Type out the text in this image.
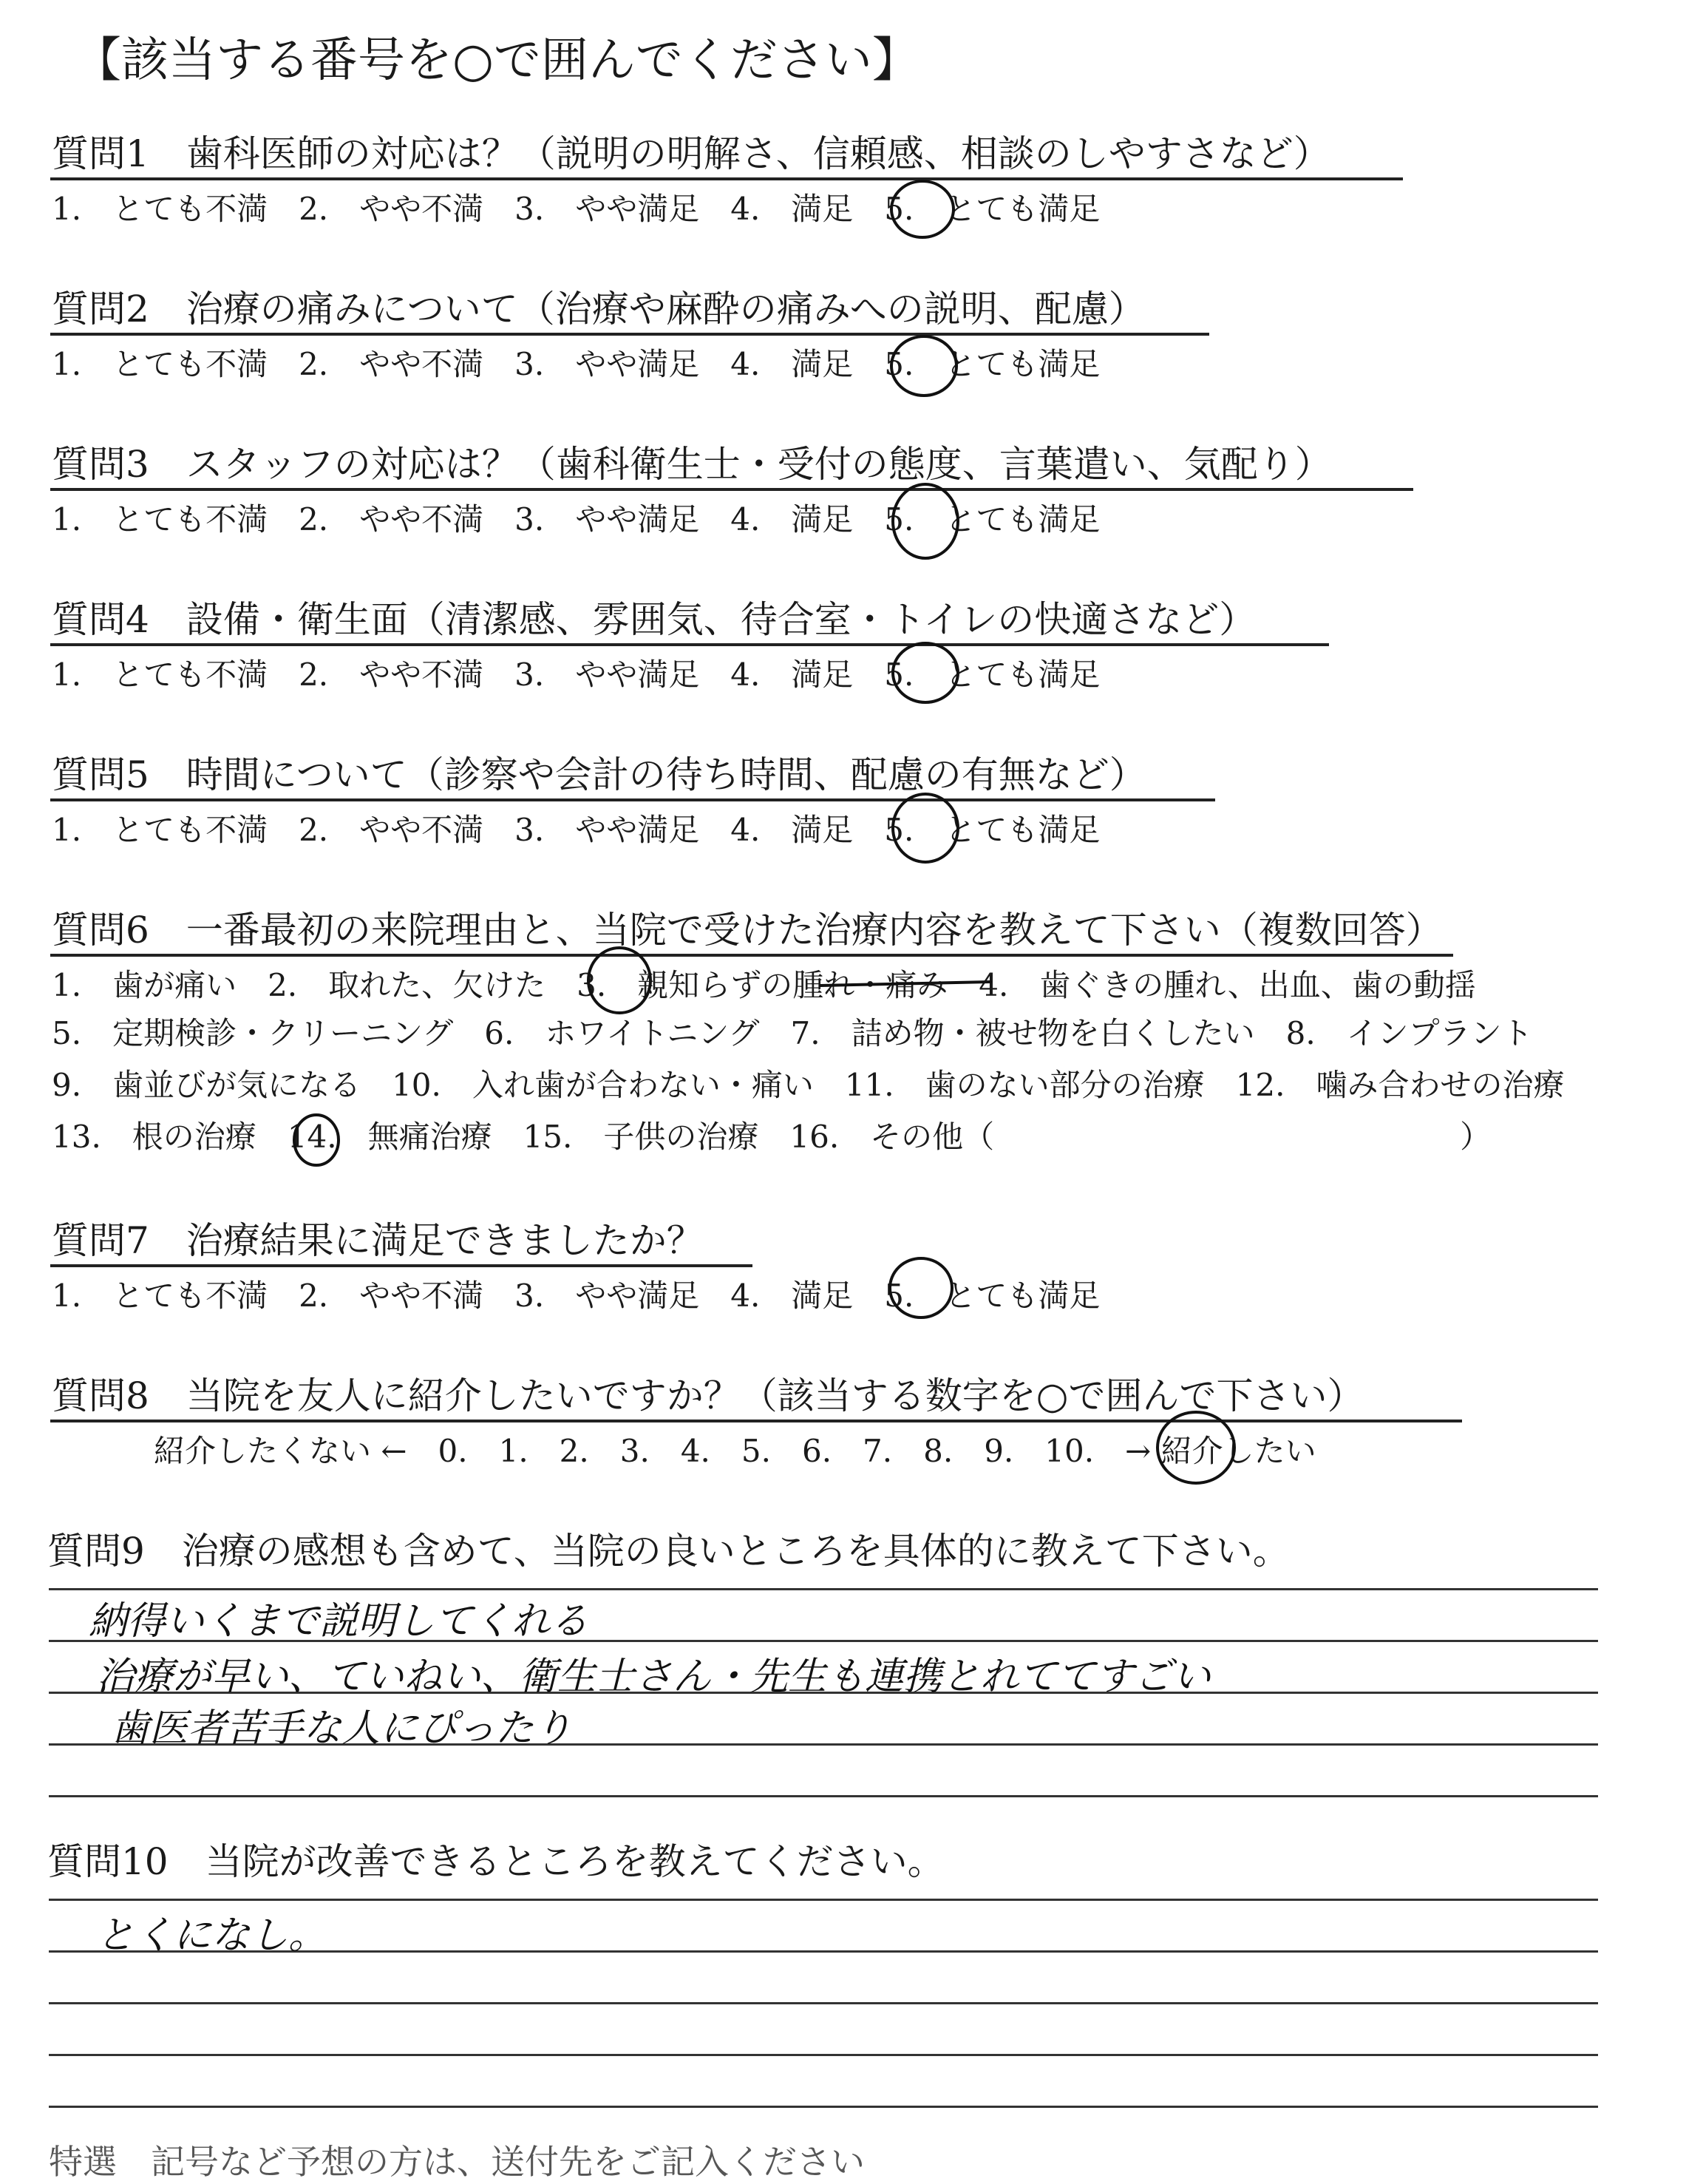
【該当する番号を○で囲んでください】
質問1　歯科医師の対応は？（説明の明解さ、信頼感、相談のしやすさなど）
1.　とても不満　2.　やや不満　3.　やや満足　4.　満足　5.　とても満足
質問2　治療の痛みについて（治療や麻酔の痛みへの説明、配慮）
1.　とても不満　2.　やや不満　3.　やや満足　4.　満足　5.　とても満足
質問3　スタッフの対応は？（歯科衛生士・受付の態度、言葉遣い、気配り）
1.　とても不満　2.　やや不満　3.　やや満足　4.　満足　5.　とても満足
質問4　設備・衛生面（清潔感、雰囲気、待合室・トイレの快適さなど）
1.　とても不満　2.　やや不満　3.　やや満足　4.　満足　5.　とても満足
質問5　時間について（診察や会計の待ち時間、配慮の有無など）
1.　とても不満　2.　やや不満　3.　やや満足　4.　満足　5.　とても満足
質問6　一番最初の来院理由と、当院で受けた治療内容を教えて下さい（複数回答）
1.　歯が痛い　2.　取れた、欠けた　3.　親知らずの腫れ・痛み　4.　歯ぐきの腫れ、出血、歯の動揺
5.　定期検診・クリーニング　6.　ホワイトニング　7.　詰め物・被せ物を白くしたい　8.　インプラント
9.　歯並びが気になる　10.　入れ歯が合わない・痛い　11.　歯のない部分の治療　12.　噛み合わせの治療
13.　根の治療　14.　無痛治療　15.　子供の治療　16.　その他（　　　　　　　　　　　　　　　）
質問7　治療結果に満足できましたか？
1.　とても不満　2.　やや不満　3.　やや満足　4.　満足　5.　とても満足
質問8　当院を友人に紹介したいですか？（該当する数字を○で囲んで下さい）
紹介したくない ←　0.　1.　2.　3.　4.　5.　6.　7.　8.　9.　10.　→ 紹介したい
質問9　治療の感想も含めて、当院の良いところを具体的に教えて下さい。
納得いくまで説明してくれる
治療が早い、ていねい、衛生士さん・先生も連携とれててすごい
歯医者苦手な人にぴったり
質問10　当院が改善できるところを教えてください。
とくになし。
特選　記号など予想の方は、送付先をご記入ください
